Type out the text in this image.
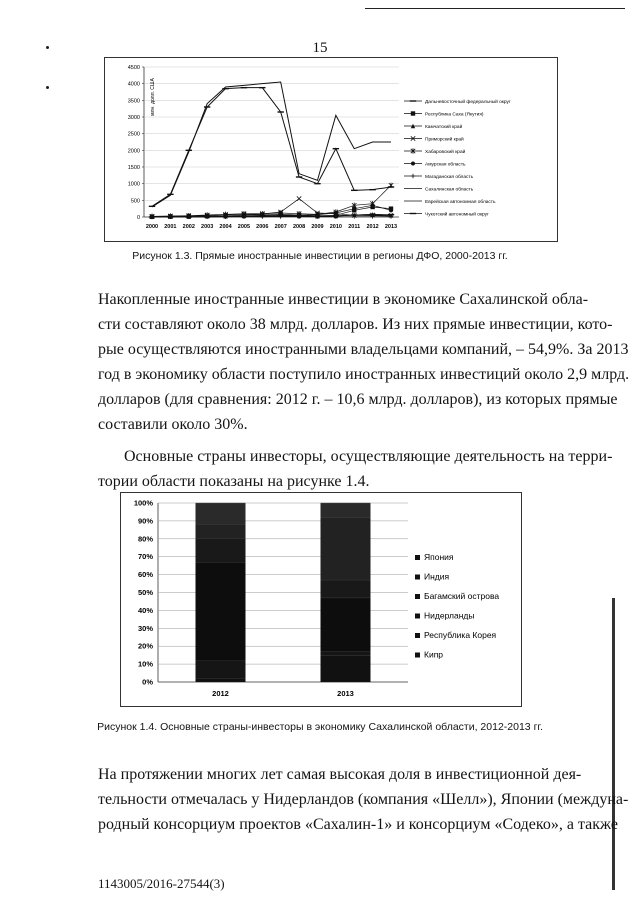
15
0
500
1000
1500
2000
2500
3000
3500
4000
4500
2000 2001 2002 2003 2004 2005 2006 2007 2008 2009 2010 2011 2012 2013
Дальневосточный федеральный округ
Республика Саха (Якутия)
Камчатский край
Приморский край
Хабаровский край
Амурская область
Магаданская область
Сахалинская область
Еврейская автономная область
Чукотский автономный округ
млн. долл. США
Рисунок 1.3. Прямые иностранные инвестиции в регионы ДФО, 2000-2013 гг.
Накопленные иностранные инвестиции в экономике Сахалинской обла-
сти составляют около 38 млрд. долларов. Из них прямые инвестиции, кото-
рые осуществляются иностранными владельцами компаний, – 54,9%. За 2013
год в экономику области поступило иностранных инвестиций около 2,9 млрд.
долларов (для сравнения: 2012 г. – 10,6 млрд. долларов), из которых прямые
составили около 30%.
Основные страны инвесторы, осуществляющие деятельность на терри-
тории области показаны на рисунке 1.4.
0%
10%
20%
30%
40%
50%
60%
70%
80%
90%
100%
2012	2013
Япония
Индия
Багамский острова
Нидерланды
Республика Корея
Кипр
Рисунок 1.4. Основные страны-инвесторы в экономику Сахалинской области, 2012-2013 гг.
На протяжении многих лет самая высокая доля в инвестиционной дея-
тельности отмечалась у Нидерландов (компания «Шелл»), Японии (междуна-
родный консорциум проектов «Сахалин-1» и консорциум «Содеко», а также
1143005/2016-27544(3)
